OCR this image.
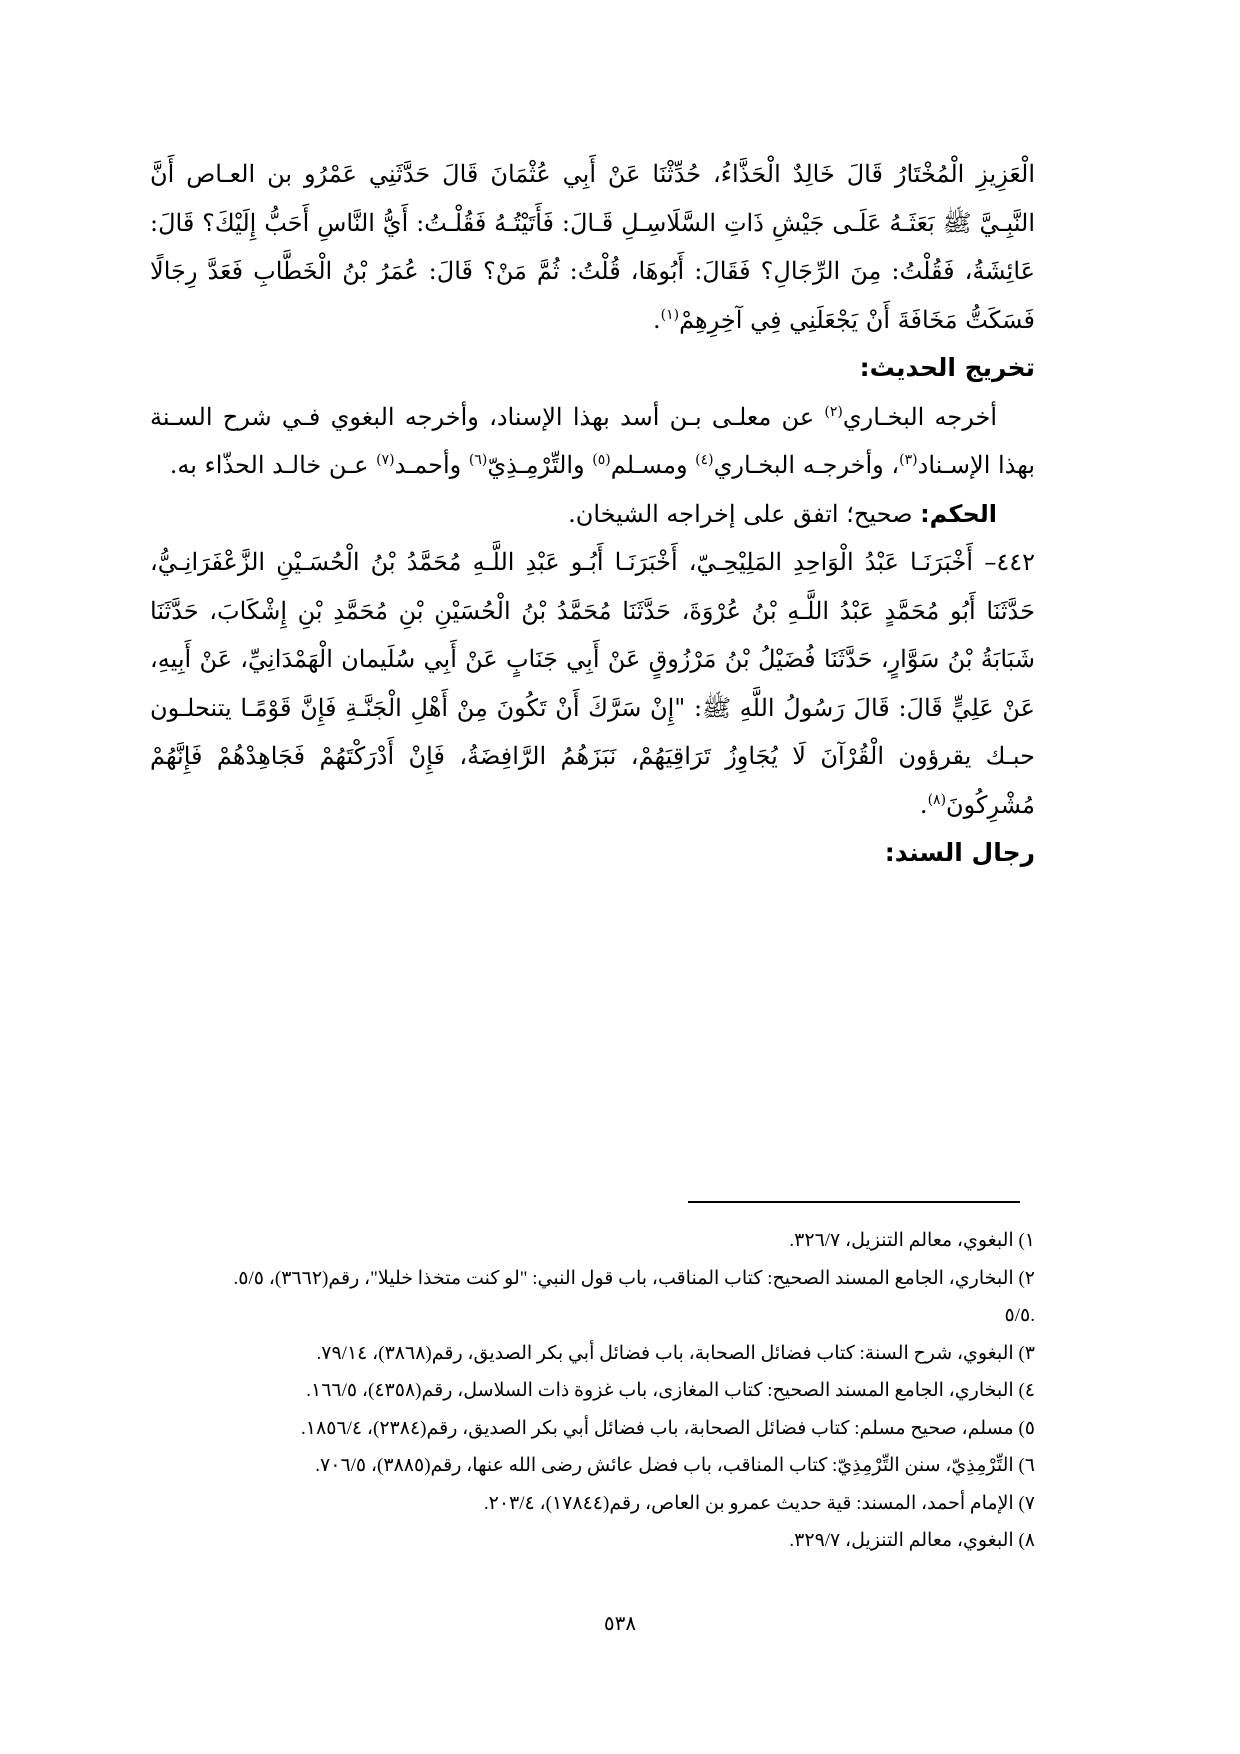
الْعَزِيزِ الْمُخْتَارُ قَالَ خَالِدٌ الْحَذَّاءُ، حُدِّثْنَا عَنْ أَبِي عُثْمَانَ قَالَ حَدَّثَنِي عَمْرُو بن العـاص أَنَّ النَّبِـيَّ ﷺ بَعَثَـهُ عَلَـى جَيْشِ ذَاتِ السَّلَاسِـلِ قَـالَ: فَأَتَيْتُـهُ فَقُلْـتُ: أَيُّ النَّاسِ أَحَبُّ إِلَيْكَ؟ قَالَ: عَائِشَةُ، فَقُلْتُ: مِنَ الرِّجَالِ؟ فَقَالَ: أَبُوهَا، قُلْتُ: ثُمَّ مَنْ؟ قَالَ: عُمَرُ بْنُ الْخَطَّابِ فَعَدَّ رِجَالًا فَسَكَتُّ مَخَافَةَ أَنْ يَجْعَلَنِي فِي آخِرِهِمْ$^{(١)}$.

تخريج الحديث:

أخرجه البخـاري$^{(٢)}$ عن معلـى بـن أسد بهذا الإسناد، وأخرجه البغوي فـي شرح السـنة بهذا الإسـناد$^{(٣)}$، وأخرجـه البخـاري$^{(٤)}$ ومسـلم$^{(٥)}$ والتِّرْمِـذِيّ$^{(٦)}$ وأحمـد$^{(٧)}$ عـن خالـد الحذّاء به.

الحكم: صحيح؛ اتفق على إخراجه الشيخان.

٤٤٢–أَخْبَرَنَـا عَبْدُ الْوَاحِدِ المَلِيْحِـيّ، أَخْبَرَنَـا أَبُـو عَبْدِ اللَّـهِ مُحَمَّدُ بْنُ الْحُسَـيْنِ الزَّعْفَرَانِـيُّ، حَدَّثَنَا أَبُو مُحَمَّدٍ عَبْدُ اللَّـهِ بْنُ عُرْوَةَ، حَدَّثَنَا مُحَمَّدُ بْنُ الْحُسَيْنِ بْنِ مُحَمَّدِ بْنِ إِشْكَابَ، حَدَّثَنَا شَبَابَةُ بْنُ سَوَّارٍ، حَدَّثَنَا فُضَيْلُ بْنُ مَرْزُوقٍ عَنْ أَبِي جَنَابٍ عَنْ أَبِي سُلَيمان الْهَمْدَانِيِّ، عَنْ أَبِيهِ، عَنْ عَلِيٍّ قَالَ: قَالَ رَسُولُ اللَّهِ ﷺ: "إِنْ سَرَّكَ أَنْ تَكُونَ مِنْ أَهْلِ الْجَنَّـةِ فَإِنَّ قَوْمًـا يتنحلـون حبـك يقرؤون الْقُرْآنَ لَا يُجَاوِزُ تَرَاقِيَهُمْ، نَبَزَهُمُ الرَّافِضَةُ، فَإِنْ أَدْرَكْتَهُمْ فَجَاهِدْهُمْ فَإِنَّهُمْ مُشْرِكُونَ$^{(٨)}$.

رجال السند:

١) البغوي، معالم التنزيل، ٣٢٦/٧.

٢) البخاري، الجامع المسند الصحيح: كتاب المناقب، باب قول النبي: "لو كنت متخذا خليلا"، رقم(٣٦٦٢)، ٥/٥.

.٥/٥

٣) البغوي، شرح السنة: كتاب فضائل الصحابة، باب فضائل أبي بكر الصديق، رقم(٣٨٦٨)، ٧٩/١٤.

٤) البخاري، الجامع المسند الصحيح: كتاب المغازى، باب غزوة ذات السلاسل، رقم(٤٣٥٨)، ١٦٦/٥.

٥) مسلم، صحيح مسلم: كتاب فضائل الصحابة، باب فضائل أبي بكر الصديق، رقم(٢٣٨٤)، ١٨٥٦/٤.

٦) التِّرْمِذِيّ، سنن التِّرْمِذِيّ: كتاب المناقب، باب فضل عائش رضى الله عنها، رقم(٣٨٨٥)، ٧٠٦/٥.

٧) الإمام أحمد، المسند: قية حديث عمرو بن العاص، رقم(١٧٨٤٤)، ٢٠٣/٤.

٨) البغوي، معالم التنزيل، ٣٢٩/٧.

٥٣٨
